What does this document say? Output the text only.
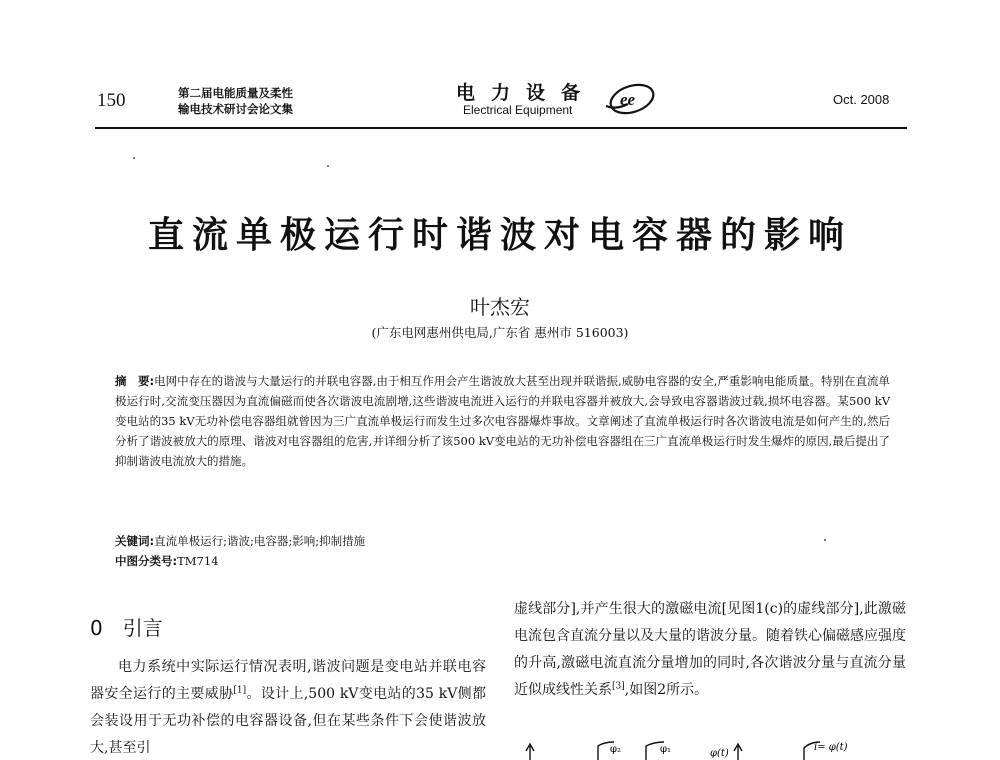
150	第二届电能质量及柔性
输电技术研讨会论文集
电力设备
Electrical Equipment
ee	Oct. 2008
直流单极运行时谐波对电容器的影响
叶杰宏
(广东电网惠州供电局,广东省 惠州市 516003)
摘　要:电网中存在的谐波与大量运行的并联电容器,由于相互作用会产生谐波放大甚至出现并联谐振,威胁电容器的安全,严重影响电能质量。特别在直流单极运行时,交流变压器因为直流偏磁而使各次谐波电流剧增,这些谐波电流进入运行的并联电容器并被放大,会导致电容器谐波过载,损坏电容器。某500 kV变电站的35 kV无功补偿电容器组就曾因为三广直流单极运行而发生过多次电容器爆炸事故。文章阐述了直流单极运行时各次谐波电流是如何产生的,然后分析了谐波被放大的原理、谐波对电容器组的危害,并详细分析了该500 kV变电站的无功补偿电容器组在三广直流单极运行时发生爆炸的原因,最后提出了抑制谐波电流放大的措施。
关键词:直流单极运行;谐波;电容器;影响;抑制措施
中图分类号:TM714
0　引言
电力系统中实际运行情况表明,谐波问题是变电站并联电容器安全运行的主要威胁[1]。设计上,500 kV变电站的35 kV侧都会装设用于无功补偿的电容器设备,但在某些条件下会使谐波放大,甚至引
虚线部分],并产生很大的激磁电流[见图1(c)的虚线部分],此激磁电流包含直流分量以及大量的谐波分量。随着铁心偏磁感应强度的升高,激磁电流直流分量增加的同时,各次谐波分量与直流分量近似成线性关系[3],如图2所示。
φ₂	φ₁	φ(t)
i= φ(t)
